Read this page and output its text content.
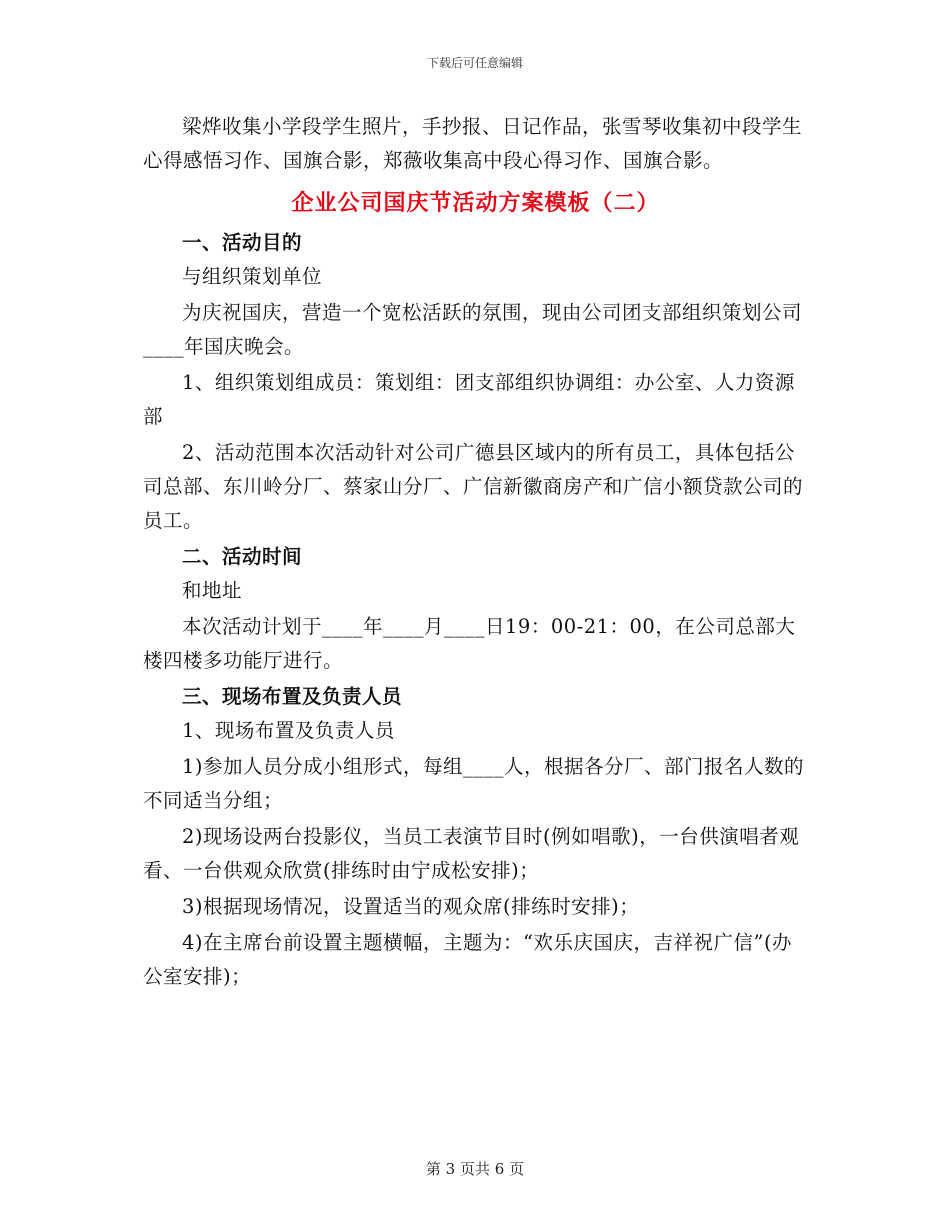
下载后可任意编辑

梁烨收集小学段学生照片，手抄报、日记作品，张雪琴收集初中段学生心得感悟习作、国旗合影，郑薇收集高中段心得习作、国旗合影。

企业公司国庆节活动方案模板（二）
一、活动目的

与组织策划单位

为庆祝国庆，营造一个宽松活跃的氛围，现由公司团支部组织策划公司____年国庆晚会。

1、组织策划组成员：策划组：团支部组织协调组：办公室、人力资源部

2、活动范围本次活动针对公司广德县区域内的所有员工，具体包括公司总部、东川岭分厂、蔡家山分厂、广信新徽商房产和广信小额贷款公司的员工。

二、活动时间

和地址

本次活动计划于____年____月____日19：00-21：00，在公司总部大楼四楼多功能厅进行。

三、现场布置及负责人员

1、现场布置及负责人员

1)参加人员分成小组形式，每组____人，根据各分厂、部门报名人数的不同适当分组；

2)现场设两台投影仪，当员工表演节目时(例如唱歌)，一台供演唱者观看、一台供观众欣赏(排练时由宁成松安排)；

3)根据现场情况，设置适当的观众席(排练时安排)；

4)在主席台前设置主题横幅，主题为：“欢乐庆国庆，吉祥祝广信”(办公室安排)；

第 3 页共 6 页
